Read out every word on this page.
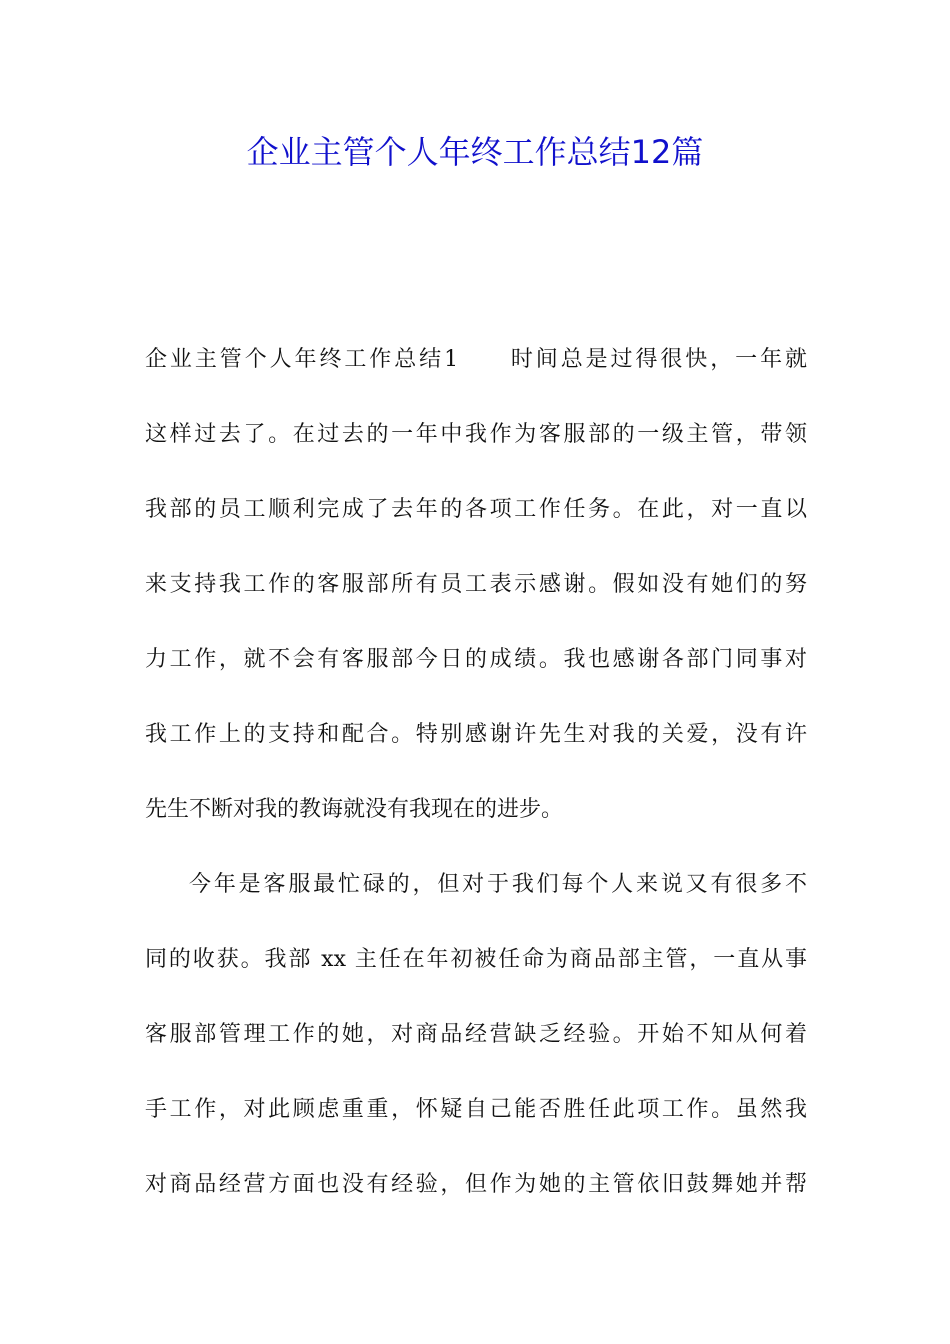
企业主管个人年终工作总结12篇
企业主管个人年终工作总结1　　时间总是过得很快，一年就
这样过去了。在过去的一年中我作为客服部的一级主管，带领
我部的员工顺利完成了去年的各项工作任务。在此，对一直以
来支持我工作的客服部所有员工表示感谢。假如没有她们的努
力工作，就不会有客服部今日的成绩。我也感谢各部门同事对
我工作上的支持和配合。特别感谢许先生对我的关爱，没有许
先生不断对我的教诲就没有我现在的进步。
今年是客服最忙碌的，但对于我们每个人来说又有很多不
同的收获。我部 xx 主任在年初被任命为商品部主管，一直从事
客服部管理工作的她，对商品经营缺乏经验。开始不知从何着
手工作，对此顾虑重重，怀疑自己能否胜任此项工作。虽然我
对商品经营方面也没有经验，但作为她的主管依旧鼓舞她并帮
